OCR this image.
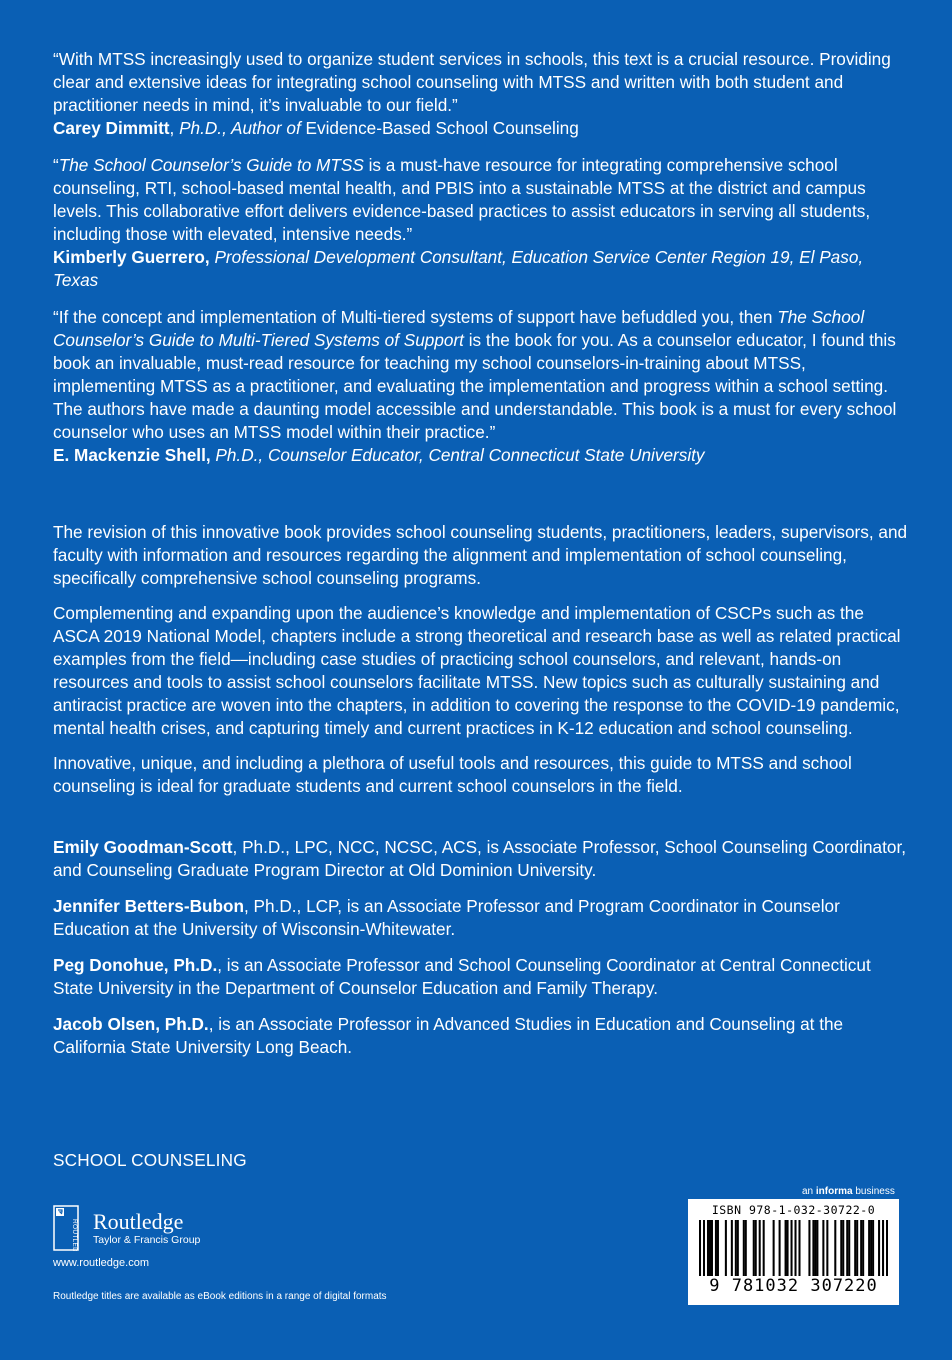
“With MTSS increasingly used to organize student services in schools, this text is a crucial resource. Providing clear and extensive ideas for integrating school counseling with MTSS and written with both student and practitioner needs in mind, it’s invaluable to our field.”
Carey Dimmitt, Ph.D., Author of Evidence-Based School Counseling

“The School Counselor’s Guide to MTSS is a must-have resource for integrating comprehensive school counseling, RTI, school-based mental health, and PBIS into a sustainable MTSS at the district and campus levels. This collaborative effort delivers evidence-based practices to assist educators in serving all students, including those with elevated, intensive needs.”
Kimberly Guerrero, Professional Development Consultant, Education Service Center Region 19, El Paso, Texas

“If the concept and implementation of Multi-tiered systems of support have befuddled you, then The School Counselor’s Guide to Multi-Tiered Systems of Support is the book for you. As a counselor educator, I found this book an invaluable, must-read resource for teaching my school counselors-in-training about MTSS, implementing MTSS as a practitioner, and evaluating the implementation and progress within a school setting. The authors have made a daunting model accessible and understandable. This book is a must for every school counselor who uses an MTSS model within their practice.”
E. Mackenzie Shell, Ph.D., Counselor Educator, Central Connecticut State University

The revision of this innovative book provides school counseling students, practitioners, leaders, supervisors, and faculty with information and resources regarding the alignment and implementation of school counseling, specifically comprehensive school counseling programs.

Complementing and expanding upon the audience’s knowledge and implementation of CSCPs such as the ASCA 2019 National Model, chapters include a strong theoretical and research base as well as related practical examples from the field—including case studies of practicing school counselors, and relevant, hands-on resources and tools to assist school counselors facilitate MTSS. New topics such as culturally sustaining and antiracist practice are woven into the chapters, in addition to covering the response to the COVID-19 pandemic, mental health crises, and capturing timely and current practices in K-12 education and school counseling.

Innovative, unique, and including a plethora of useful tools and resources, this guide to MTSS and school counseling is ideal for graduate students and current school counselors in the field.

Emily Goodman-Scott, Ph.D., LPC, NCC, NCSC, ACS, is Associate Professor, School Counseling Coordinator, and Counseling Graduate Program Director at Old Dominion University.

Jennifer Betters-Bubon, Ph.D., LCP, is an Associate Professor and Program Coordinator in Counselor Education at the University of Wisconsin-Whitewater.

Peg Donohue, Ph.D., is an Associate Professor and School Counseling Coordinator at Central Connecticut State University in the Department of Counselor Education and Family Therapy.

Jacob Olsen, Ph.D., is an Associate Professor in Advanced Studies in Education and Counseling at the California State University Long Beach.

SCHOOL COUNSELING
ROUTLEDGE Routledge
Taylor & Francis Group
www.routledge.com
Routledge titles are available as eBook editions in a range of digital formats
an informa business
ISBN 978-1-032-30722-0
9 781032 307220
